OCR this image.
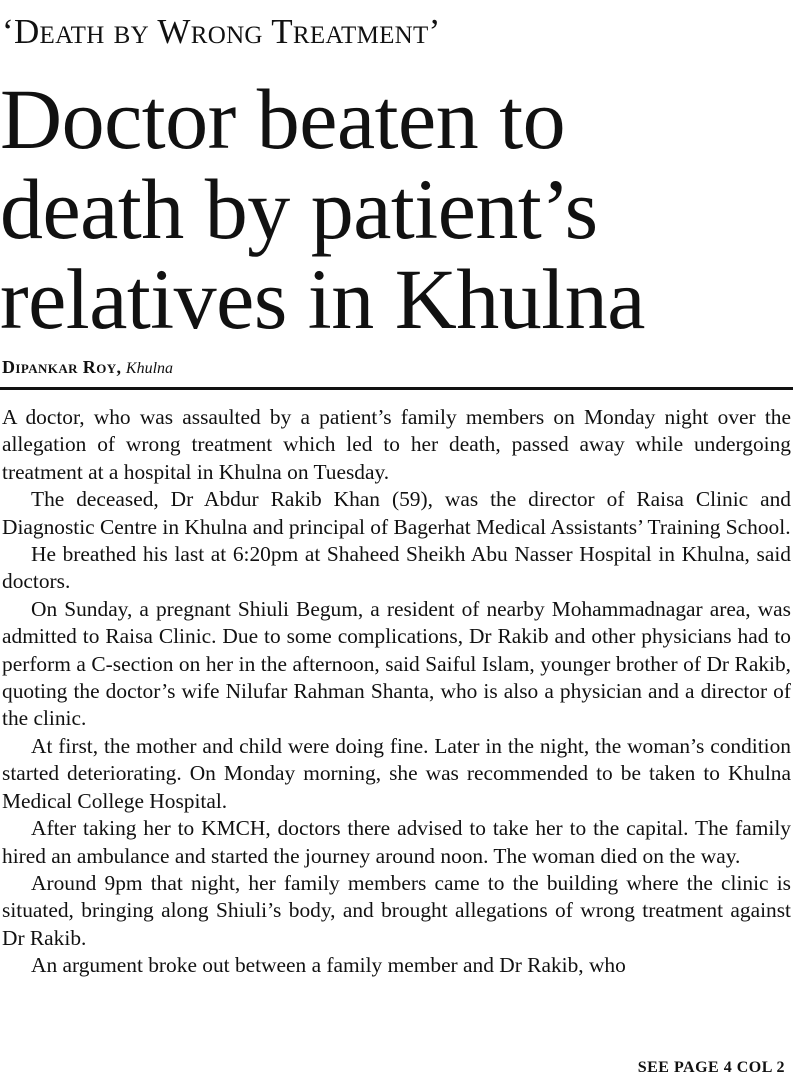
‘Death by Wrong Treatment’
Doctor beaten to
death by patient’s
relatives in Khulna
Dipankar Roy, Khulna

A doctor, who was assaulted by a patient’s family members on Monday night over the allegation of wrong treatment which led to her death, passed away while undergoing treatment at a hospital in Khulna on Tuesday.

The deceased, Dr Abdur Rakib Khan (59), was the director of Raisa Clinic and Diagnostic Centre in Khulna and principal of Bagerhat Medical Assistants’ Training School.

He breathed his last at 6:20pm at Shaheed Sheikh Abu Nasser Hospital in Khulna, said doctors.

On Sunday, a pregnant Shiuli Begum, a resident of nearby Mohammadnagar area, was admitted to Raisa Clinic. Due to some complications, Dr Rakib and other physicians had to perform a C-section on her in the afternoon, said Saiful Islam, younger brother of Dr Rakib, quoting the doctor’s wife Nilufar Rahman Shanta, who is also a physician and a director of the clinic.

At first, the mother and child were doing fine. Later in the night, the woman’s condition started deteriorating. On Monday morning, she was recommended to be taken to Khulna Medical College Hospital.

After taking her to KMCH, doctors there advised to take her to the capital. The family hired an ambulance and started the journey around noon. The woman died on the way.

Around 9pm that night, her family members came to the building where the clinic is situated, bringing along Shiuli’s body, and brought allegations of wrong treatment against Dr Rakib.

An argument broke out between a family member and Dr Rakib, who

SEE PAGE 4 COL 2
